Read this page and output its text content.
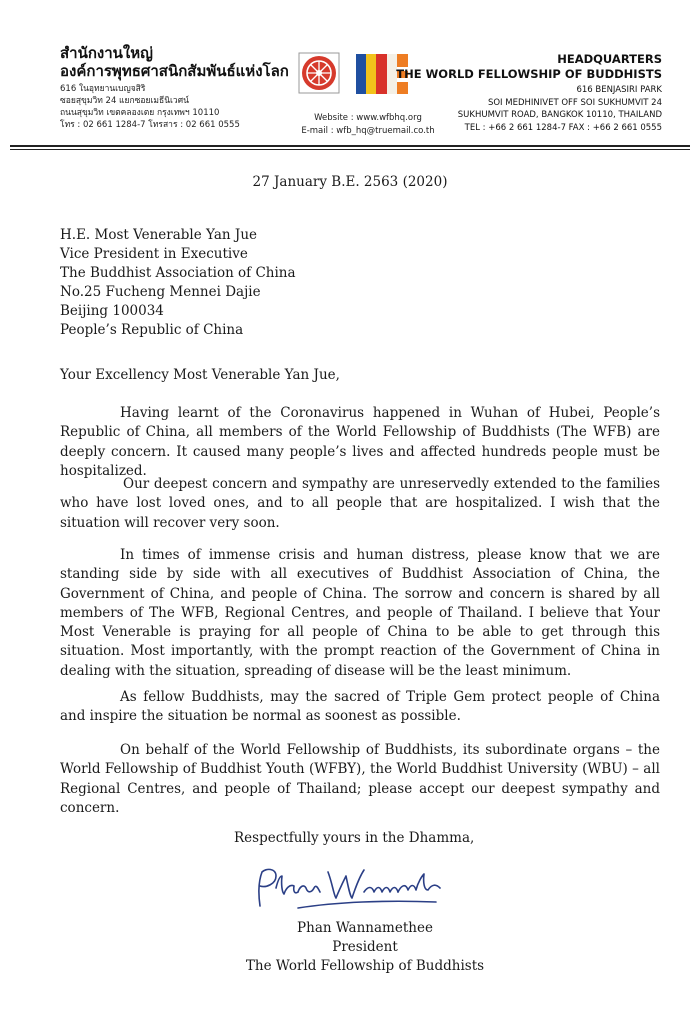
สำนักงานใหญ่
องค์การพุทธศาสนิกสัมพันธ์แห่งโลก
616 ในอุทยานเบญจสิริ
ซอยสุขุมวิท 24 แยกซอยเมธีนิเวศน์
ถนนสุขุมวิท เขตคลองเตย กรุงเทพฯ 10110
โทร : 02 661 1284-7 โทรสาร : 02 661 0555
Website : www.wfbhq.org
E-mail : wfb_hq@truemail.co.th
HEADQUARTERS
THE WORLD FELLOWSHIP OF BUDDHISTS
616 BENJASIRI PARK
SOI MEDHINIVET OFF SOI SUKHUMVIT 24
SUKHUMVIT ROAD, BANGKOK 10110, THAILAND
TEL : +66 2 661 1284-7 FAX : +66 2 661 0555
27 January B.E. 2563 (2020)
H.E. Most Venerable Yan Jue
Vice President in Executive
The Buddhist Association of China
No.25 Fucheng Mennei Dajie
Beijing 100034
People’s Republic of China
Your Excellency Most Venerable Yan Jue,
Having learnt of the Coronavirus happened in Wuhan of Hubei, People’s Republic of China, all members of the World Fellowship of Buddhists (The WFB) are deeply concern. It caused many people’s lives and affected hundreds people must be hospitalized.
Our deepest concern and sympathy are unreservedly extended to the families who have lost loved ones, and to all people that are hospitalized. I wish that the situation will recover very soon.
In times of immense crisis and human distress, please know that we are standing side by side with all executives of Buddhist Association of China, the Government of China, and people of China. The sorrow and concern is shared by all members of The WFB, Regional Centres, and people of Thailand. I believe that Your Most Venerable is praying for all people of China to be able to get through this situation. Most importantly, with the prompt reaction of the Government of China in dealing with the situation, spreading of disease will be the least minimum.
As fellow Buddhists, may the sacred of Triple Gem protect people of China and inspire the situation be normal as soonest as possible.
On behalf of the World Fellowship of Buddhists, its subordinate organs – the World Fellowship of Buddhist Youth (WFBY), the World Buddhist University (WBU) – all Regional Centres, and people of Thailand; please accept our deepest sympathy and concern.
Respectfully yours in the Dhamma,
Phan Wannamethee
President
The World Fellowship of Buddhists
